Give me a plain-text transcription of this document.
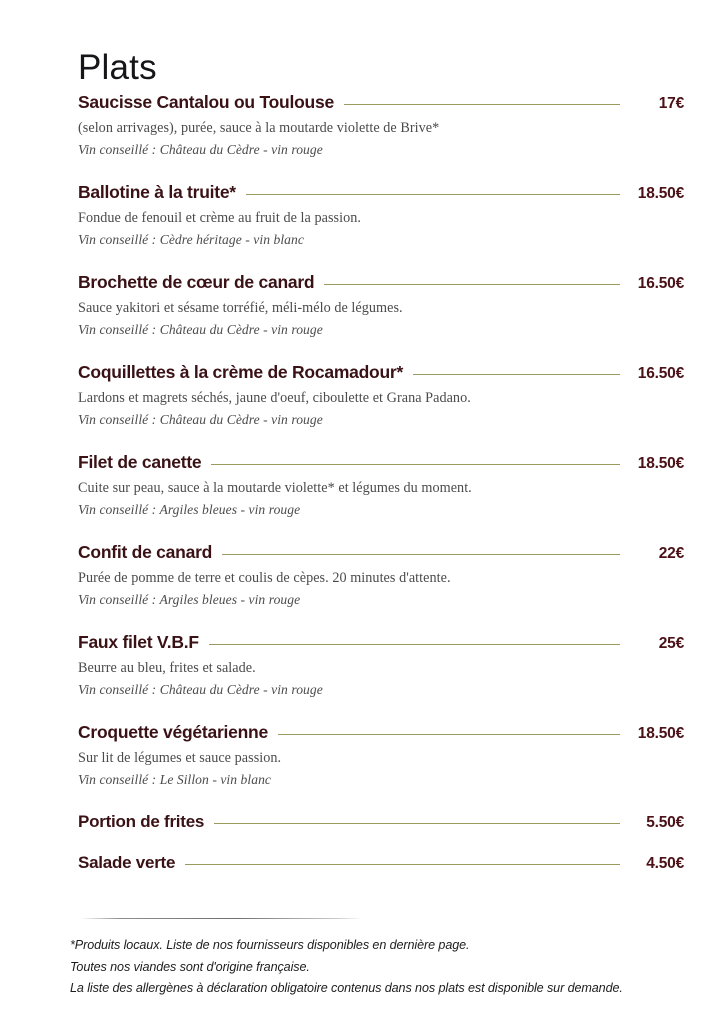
Plats
Saucisse Cantalou ou Toulouse	17€
(selon arrivages), purée, sauce à la moutarde violette de Brive*
Vin conseillé : Château du Cèdre - vin rouge
Ballotine à la truite*	18.50€
Fondue de fenouil et crème au fruit de la passion.
Vin conseillé : Cèdre héritage - vin blanc
Brochette de cœur de canard	16.50€
Sauce yakitori et sésame torréfié, méli-mélo de légumes.
Vin conseillé : Château du Cèdre - vin rouge
Coquillettes à la crème de Rocamadour*	16.50€
Lardons et magrets séchés, jaune d'oeuf, ciboulette et Grana Padano.
Vin conseillé : Château du Cèdre - vin rouge
Filet de canette	18.50€
Cuite sur peau, sauce à la moutarde violette* et légumes du moment.
Vin conseillé : Argiles bleues - vin rouge
Confit de canard	22€
Purée de pomme de terre et coulis de cèpes. 20 minutes d'attente.
Vin conseillé : Argiles bleues - vin rouge
Faux filet V.B.F	25€
Beurre au bleu, frites et salade.
Vin conseillé : Château du Cèdre - vin rouge
Croquette végétarienne	18.50€
Sur lit de légumes et sauce passion.
Vin conseillé : Le Sillon - vin blanc
Portion de frites	5.50€
Salade verte	4.50€
*Produits locaux. Liste de nos fournisseurs disponibles en dernière page.
Toutes nos viandes sont d'origine française.
La liste des allergènes à déclaration obligatoire contenus dans nos plats est disponible sur demande.
